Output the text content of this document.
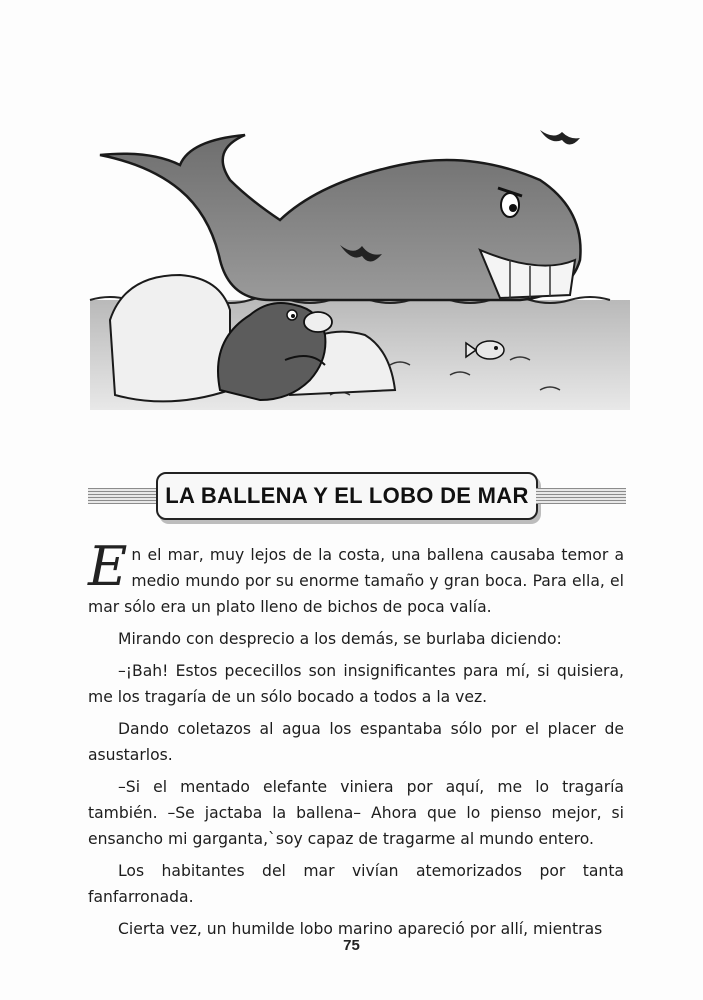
LA BALLENA Y EL LOBO DE MAR

En el mar, muy lejos de la costa, una ballena causaba temor a medio mundo por su enorme tamaño y gran boca. Para ella, el mar sólo era un plato lleno de bichos de poca valía.

Mirando con desprecio a los demás, se burlaba diciendo:

–¡Bah! Estos pececillos son insignificantes para mí, si quisiera, me los tragaría de un sólo bocado a todos a la vez.

Dando coletazos al agua los espantaba sólo por el placer de asustarlos.

–Si el mentado elefante viniera por aquí, me lo tragaría también. –Se jactaba la ballena– Ahora que lo pienso mejor, si ensancho mi garganta,`soy capaz de tragarme al mundo entero.

Los habitantes del mar vivían atemorizados por tanta fanfarronada.

Cierta vez, un humilde lobo marino apareció por allí, mientras

75
